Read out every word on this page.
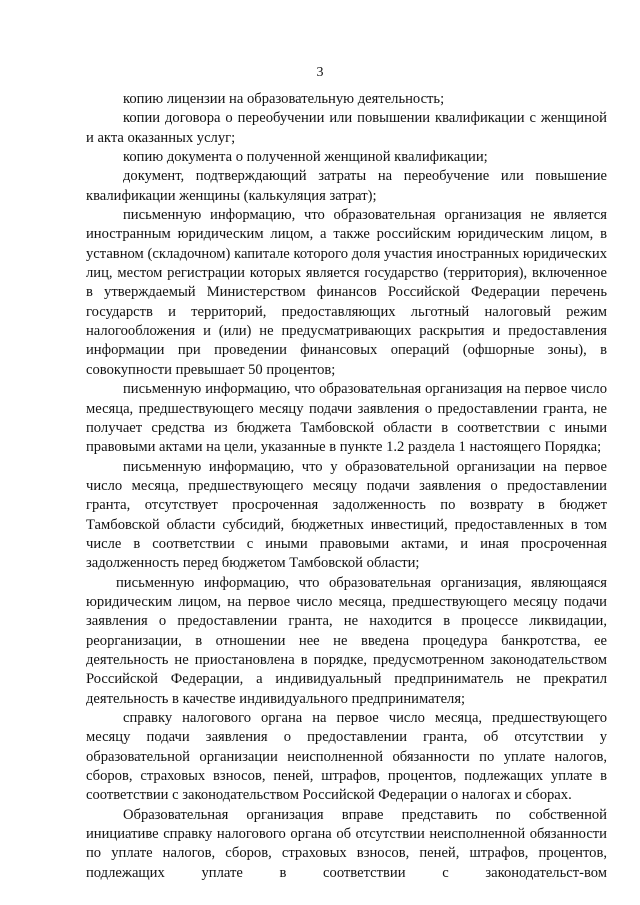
3

копию лицензии на образовательную деятельность;

копии договора о переобучении или повышении квалификации с женщиной и акта оказанных услуг;

копию документа о полученной женщиной квалификации;

документ, подтверждающий затраты на переобучение или повышение квалификации женщины (калькуляция затрат);

письменную информацию, что образовательная организация не является иностранным юридическим лицом, а также российским юридическим лицом, в уставном (складочном) капитале которого доля участия иностранных юридических лиц, местом регистрации которых является государство (территория), включенное в утверждаемый Министерством финансов Российской Федерации перечень государств и территорий, предоставляющих льготный налоговый режим налогообложения и (или) не предусматривающих раскрытия и предоставления информации при проведении финансовых операций (офшорные зоны), в совокупности превышает 50 процентов;

письменную информацию, что образовательная организация на первое число месяца, предшествующего месяцу подачи заявления о предоставлении гранта, не получает средства из бюджета Тамбовской области в соответствии с иными правовыми актами на цели, указанные в пункте 1.2 раздела 1 настоящего Порядка;

письменную информацию, что у образовательной организации на первое число месяца, предшествующего месяцу подачи заявления о предоставлении гранта, отсутствует просроченная задолженность по возврату в бюджет Тамбовской области субсидий, бюджетных инвестиций, предоставленных в том числе в соответствии с иными правовыми актами, и иная просроченная задолженность перед бюджетом Тамбовской области;

письменную информацию, что образовательная организация, являющаяся юридическим лицом, на первое число месяца, предшествующего месяцу подачи заявления о предоставлении гранта, не находится в процессе ликвидации, реорганизации, в отношении нее не введена процедура банкротства, ее деятельность не приостановлена в порядке, предусмотренном законодательством Российской Федерации, а индивидуальный предприниматель не прекратил деятельность в качестве индивидуального предпринимателя;

справку налогового органа на первое число месяца, предшествующего месяцу подачи заявления о предоставлении гранта, об отсутствии у образовательной организации неисполненной обязанности по уплате налогов, сборов, страховых взносов, пеней, штрафов, процентов, подлежащих уплате в соответствии с законодательством Российской Федерации о налогах и сборах.

Образовательная организация вправе представить по собственной инициативе справку налогового органа об отсутствии неисполненной обязанности по уплате налогов, сборов, страховых взносов, пеней, штрафов, процентов, подлежащих уплате в соответствии с законодательст-вом
